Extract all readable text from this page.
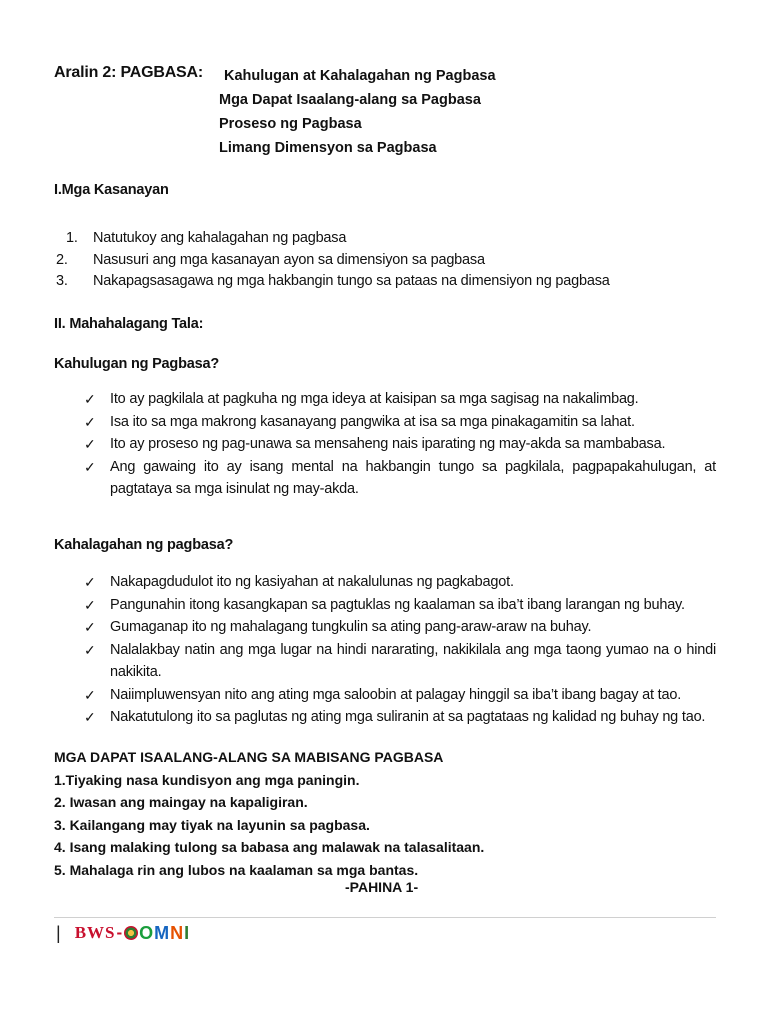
Aralin 2: PAGBASA: Kahulugan at Kahalagahan ng Pagbasa
Mga Dapat Isaalang-alang sa Pagbasa
Proseso ng Pagbasa
Limang Dimensyon sa Pagbasa
I.Mga Kasanayan
1.	Natutukoy ang kahalagahan ng pagbasa
2.	Nasusuri ang mga kasanayan ayon sa dimensiyon sa pagbasa
3.	Nakapagsasagawa ng mga hakbangin tungo sa pataas na dimensiyon ng pagbasa
II. Mahahalagang Tala:
Kahulugan ng Pagbasa?
✓ Ito ay pagkilala at pagkuha ng mga ideya at kaisipan sa mga sagisag na nakalimbag.
✓ Isa ito sa mga makrong kasanayang pangwika at isa sa mga pinakagamitin sa lahat.
✓ Ito ay proseso ng pag-unawa sa mensaheng nais iparating ng may-akda sa mambabasa.
✓ Ang gawaing ito ay isang mental na hakbangin tungo sa pagkilala, pagpapakahulugan, at pagtataya sa mga isinulat ng may-akda.
Kahalagahan ng pagbasa?
✓ Nakapagdudulot ito ng kasiyahan at nakalulunas ng pagkabagot.
✓ Pangunahin itong kasangkapan sa pagtuklas ng kaalaman sa iba’t ibang larangan ng buhay.
✓ Gumaganap ito ng mahalagang tungkulin sa ating pang-araw-araw na buhay.
✓ Nalalakbay natin ang mga lugar na hindi nararating, nakikilala ang mga taong yumao na o hindi nakikita.
✓ Naiimpluwensyan nito ang ating mga saloobin at palagay hinggil sa iba’t ibang bagay at tao.
✓ Nakatutulong ito sa paglutas ng ating mga suliranin at sa pagtataas ng kalidad ng buhay ng tao.
MGA DAPAT ISAALANG-ALANG SA MABISANG PAGBASA
1.Tiyaking nasa kundisyon ang mga paningin.
2. Iwasan ang maingay na kapaligiran.
3. Kailangang may tiyak na layunin sa pagbasa.
4. Isang malaking tulong sa babasa ang malawak na talasalitaan.
5. Mahalaga rin ang lubos na kaalaman sa mga bantas.
-PAHINA 1-
| BWS - O M N I
